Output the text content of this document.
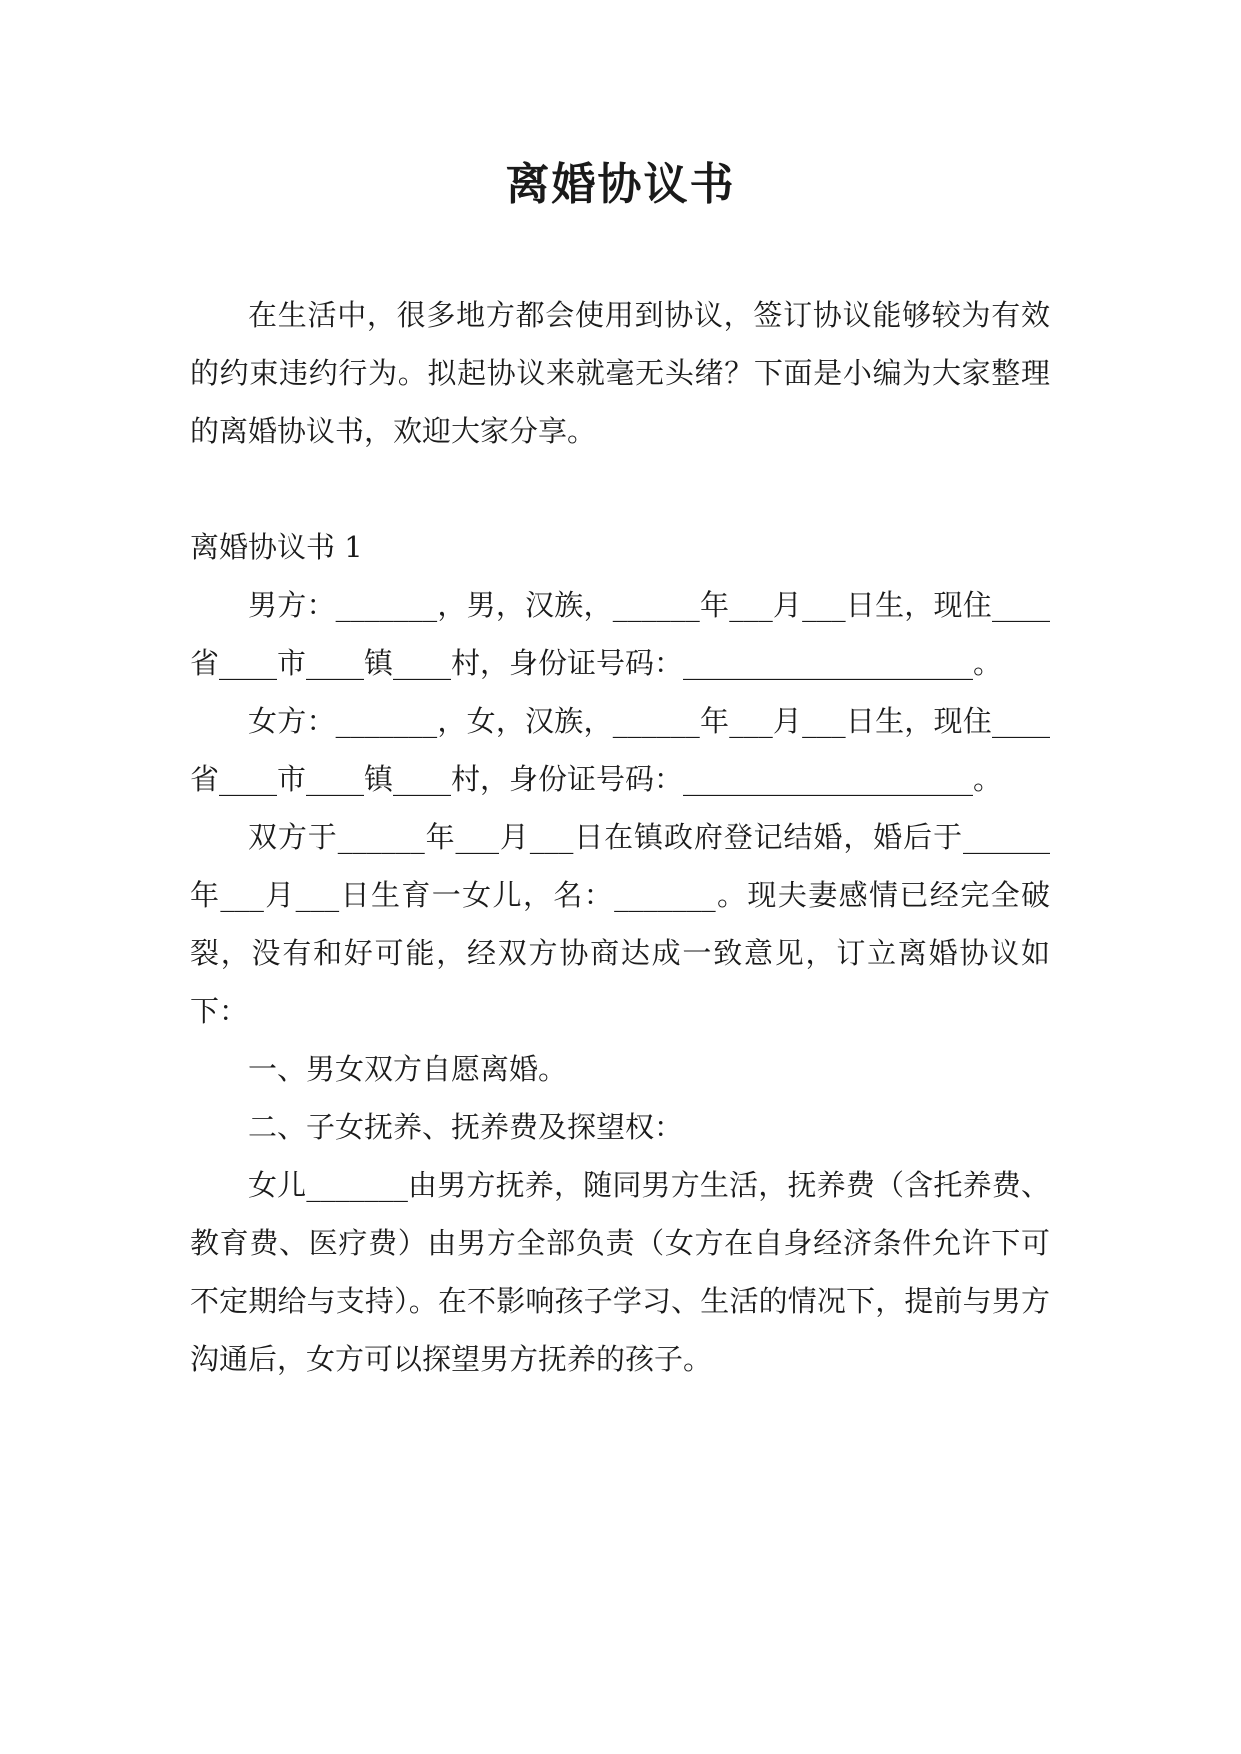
离婚协议书

在生活中，很多地方都会使用到协议，签订协议能够较为有效的约束违约行为。拟起协议来就毫无头绪？下面是小编为大家整理的离婚协议书，欢迎大家分享。

离婚协议书 1

男方：_______，男，汉族，______年___月___日生，现住____省____市____镇____村，身份证号码：____________________。

女方：_______，女，汉族，______年___月___日生，现住____省____市____镇____村，身份证号码：____________________。

双方于______年___月___日在镇政府登记结婚，婚后于______年___月___日生育一女儿，名：_______。现夫妻感情已经完全破裂，没有和好可能，经双方协商达成一致意见，订立离婚协议如下：

一、男女双方自愿离婚。

二、子女抚养、抚养费及探望权：

女儿_______由男方抚养，随同男方生活，抚养费（含托养费、教育费、医疗费）由男方全部负责（女方在自身经济条件允许下可不定期给与支持）。在不影响孩子学习、生活的情况下，提前与男方沟通后，女方可以探望男方抚养的孩子。
